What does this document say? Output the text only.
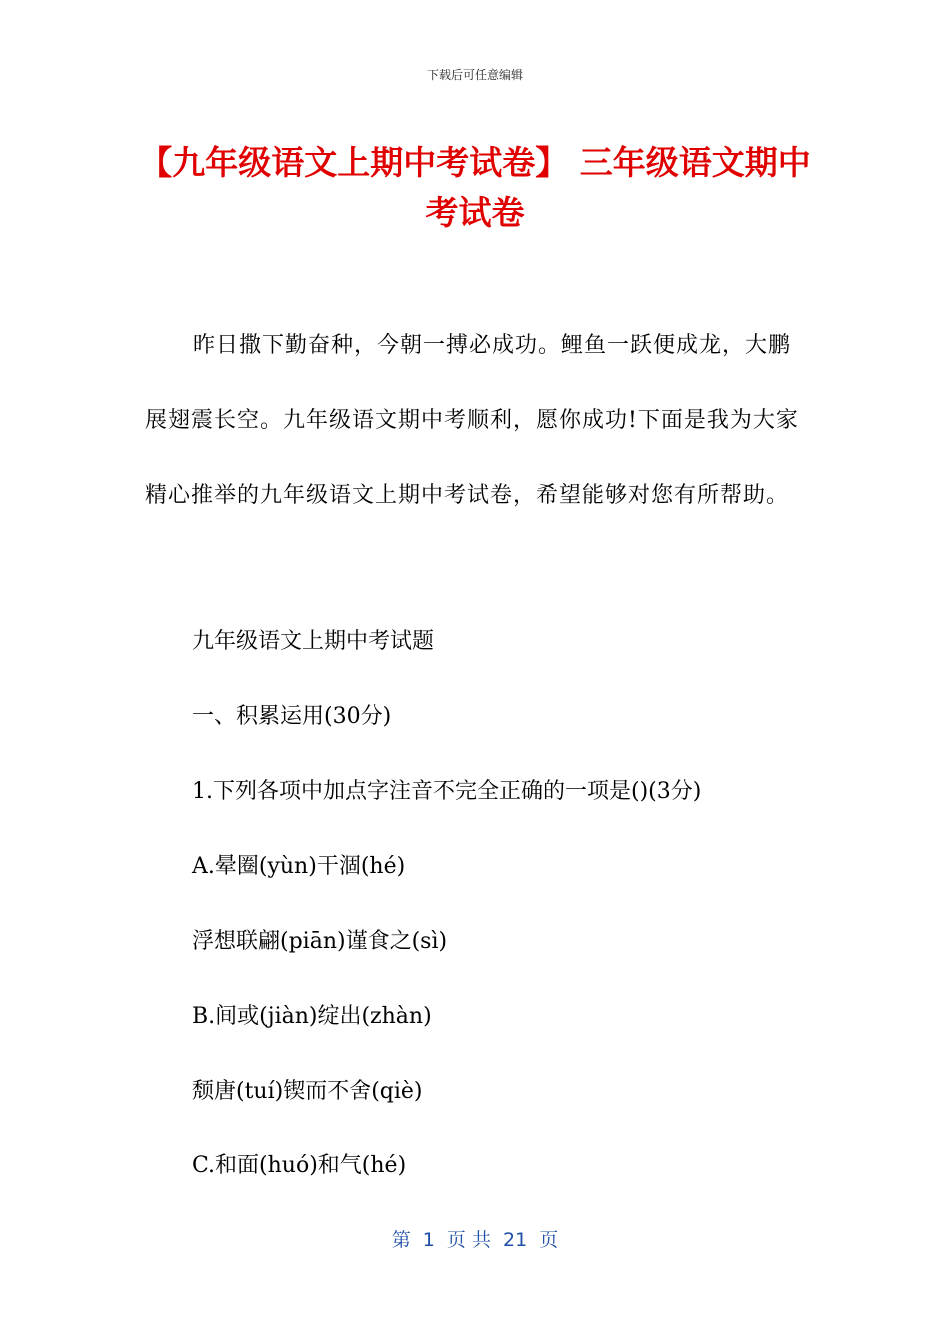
下载后可任意编辑
【九年级语文上期中考试卷】 三年级语文期中考试卷

昨日撒下勤奋种，今朝一搏必成功。鲤鱼一跃便成龙，大鹏展翅震长空。九年级语文期中考顺利，愿你成功!下面是我为大家精心推举的九年级语文上期中考试卷，希望能够对您有所帮助。

九年级语文上期中考试题
一、积累运用(30分)
1.下列各项中加点字注音不完全正确的一项是()(3分)
A.晕圈(yùn)干涸(hé)
浮想联翩(piān)谨食之(sì)
B.间或(jiàn)绽出(zhàn)
颓唐(tuí)锲而不舍(qiè)
C.和面(huó)和气(hé)
第  1  页 共  21  页
